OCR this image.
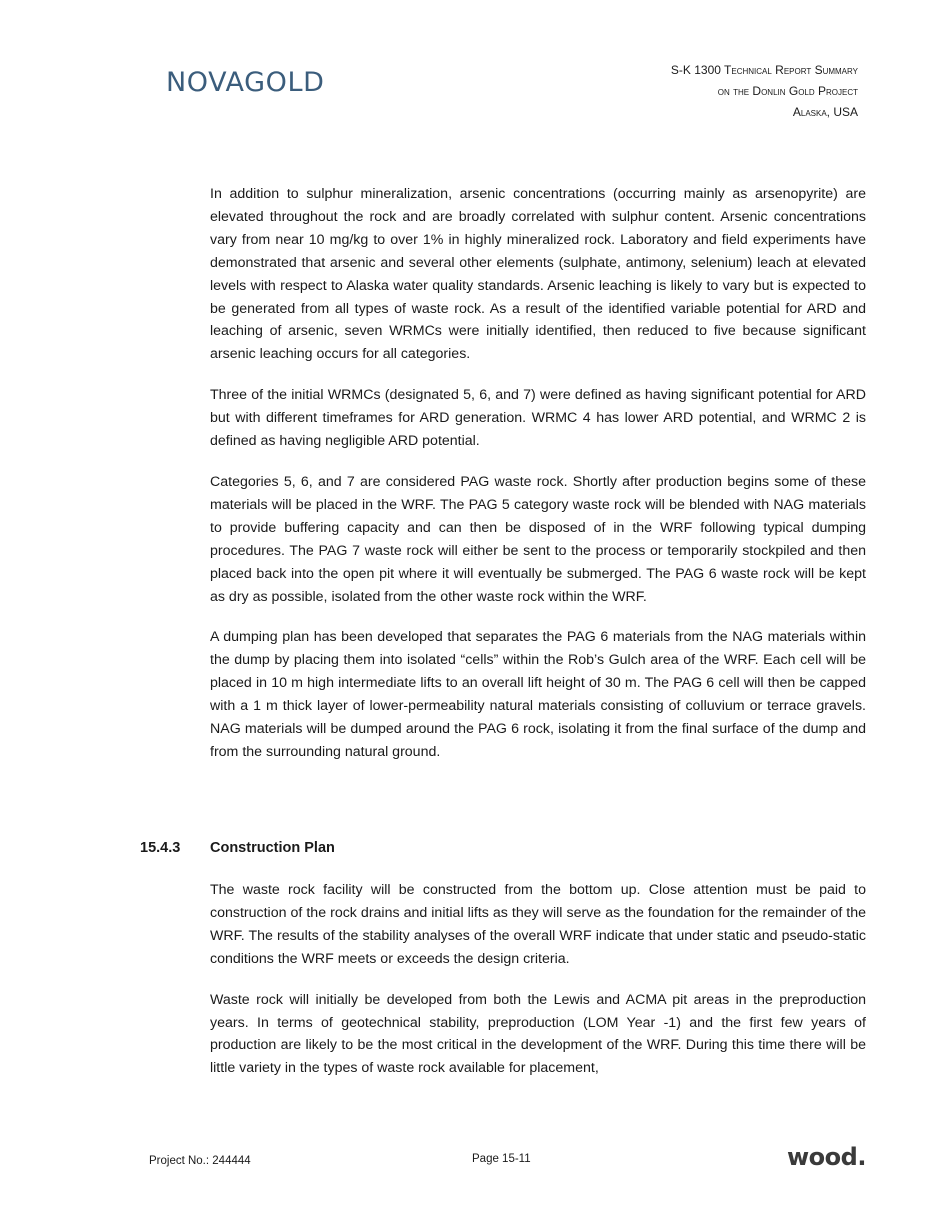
NOVAGOLD	S-K 1300 Technical Report Summary
on the Donlin Gold Project
Alaska, USA

In addition to sulphur mineralization, arsenic concentrations (occurring mainly as arsenopyrite) are elevated throughout the rock and are broadly correlated with sulphur content. Arsenic concentrations vary from near 10 mg/kg to over 1% in highly mineralized rock. Laboratory and field experiments have demonstrated that arsenic and several other elements (sulphate, antimony, selenium) leach at elevated levels with respect to Alaska water quality standards. Arsenic leaching is likely to vary but is expected to be generated from all types of waste rock. As a result of the identified variable potential for ARD and leaching of arsenic, seven WRMCs were initially identified, then reduced to five because significant arsenic leaching occurs for all categories.

Three of the initial WRMCs (designated 5, 6, and 7) were defined as having significant potential for ARD but with different timeframes for ARD generation. WRMC 4 has lower ARD potential, and WRMC 2 is defined as having negligible ARD potential.

Categories 5, 6, and 7 are considered PAG waste rock. Shortly after production begins some of these materials will be placed in the WRF. The PAG 5 category waste rock will be blended with NAG materials to provide buffering capacity and can then be disposed of in the WRF following typical dumping procedures. The PAG 7 waste rock will either be sent to the process or temporarily stockpiled and then placed back into the open pit where it will eventually be submerged. The PAG 6 waste rock will be kept as dry as possible, isolated from the other waste rock within the WRF.

A dumping plan has been developed that separates the PAG 6 materials from the NAG materials within the dump by placing them into isolated “cells” within the Rob’s Gulch area of the WRF. Each cell will be placed in 10 m high intermediate lifts to an overall lift height of 30 m. The PAG 6 cell will then be capped with a 1 m thick layer of lower-permeability natural materials consisting of colluvium or terrace gravels. NAG materials will be dumped around the PAG 6 rock, isolating it from the final surface of the dump and from the surrounding natural ground.

15.4.3	Construction Plan

The waste rock facility will be constructed from the bottom up. Close attention must be paid to construction of the rock drains and initial lifts as they will serve as the foundation for the remainder of the WRF. The results of the stability analyses of the overall WRF indicate that under static and pseudo-static conditions the WRF meets or exceeds the design criteria.

Waste rock will initially be developed from both the Lewis and ACMA pit areas in the preproduction years. In terms of geotechnical stability, preproduction (LOM Year -1) and the first few years of production are likely to be the most critical in the development of the WRF. During this time there will be little variety in the types of waste rock available for placement,

Project No.: 244444	Page 15-11	wood.
